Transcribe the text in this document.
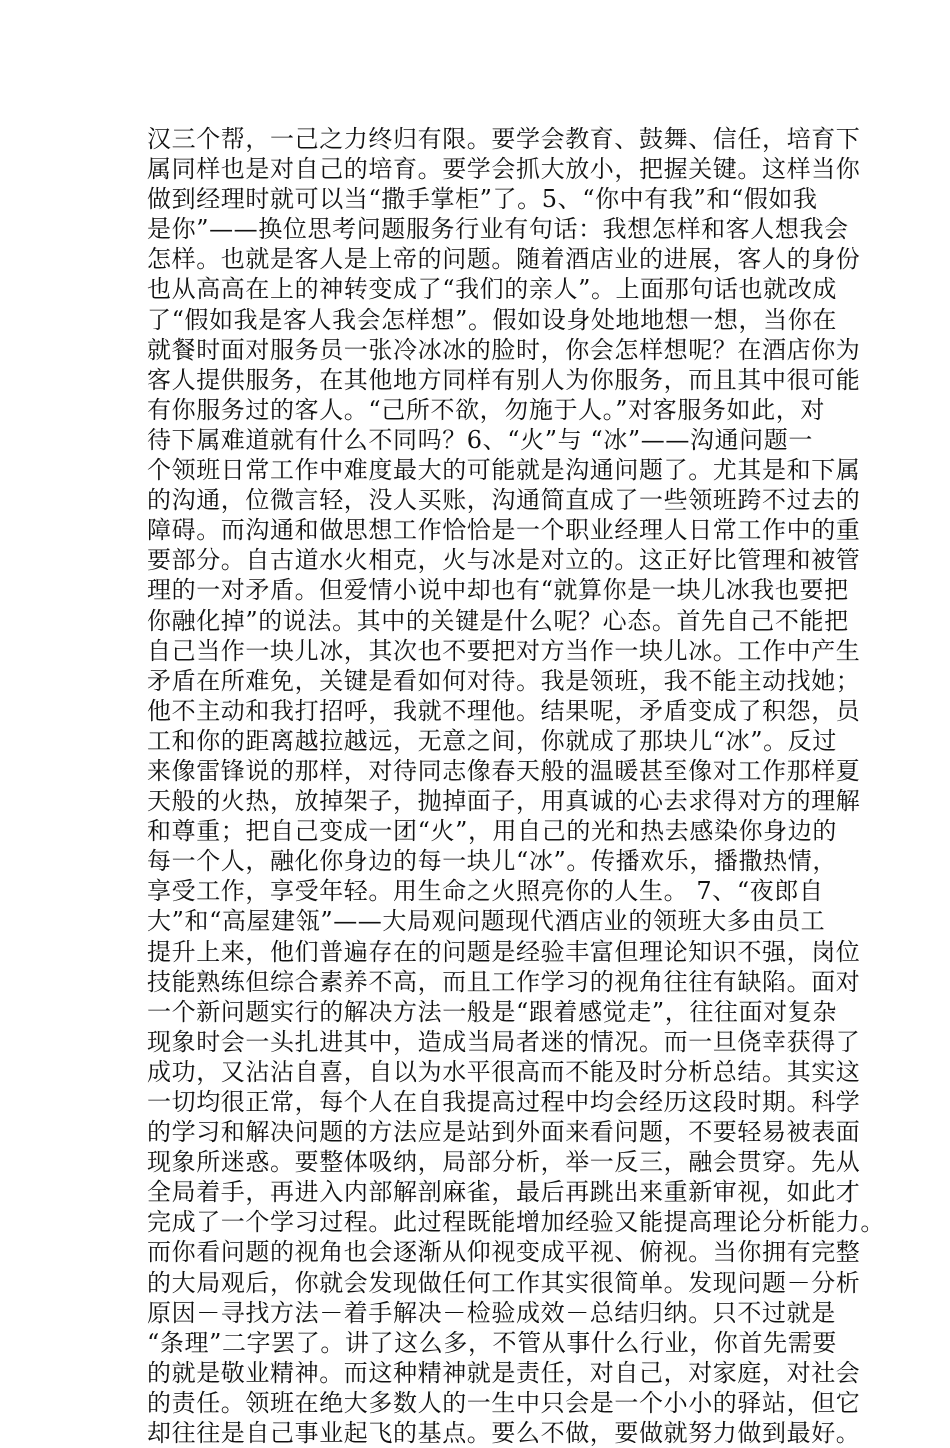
汉三个帮，一己之力终归有限。要学会教育、鼓舞、信任，培育下
属同样也是对自己的培育。要学会抓大放小，把握关键。这样当你
做到经理时就可以当“撒手掌柜”了。5、“你中有我”和“假如我
是你”——换位思考问题服务行业有句话：我想怎样和客人想我会
怎样。也就是客人是上帝的问题。随着酒店业的进展，客人的身份
也从高高在上的神转变成了“我们的亲人”。上面那句话也就改成
了“假如我是客人我会怎样想”。假如设身处地地想一想，当你在
就餐时面对服务员一张冷冰冰的脸时，你会怎样想呢？在酒店你为
客人提供服务，在其他地方同样有别人为你服务，而且其中很可能
有你服务过的客人。“己所不欲，勿施于人。”对客服务如此，对
待下属难道就有什么不同吗？6、“火”与 “冰”——沟通问题一
个领班日常工作中难度最大的可能就是沟通问题了。尤其是和下属
的沟通，位微言轻，没人买账，沟通简直成了一些领班跨不过去的
障碍。而沟通和做思想工作恰恰是一个职业经理人日常工作中的重
要部分。自古道水火相克，火与冰是对立的。这正好比管理和被管
理的一对矛盾。但爱情小说中却也有“就算你是一块儿冰我也要把
你融化掉”的说法。其中的关键是什么呢？心态。首先自己不能把
自己当作一块儿冰，其次也不要把对方当作一块儿冰。工作中产生
矛盾在所难免，关键是看如何对待。我是领班，我不能主动找她；
他不主动和我打招呼，我就不理他。结果呢，矛盾变成了积怨，员
工和你的距离越拉越远，无意之间，你就成了那块儿“冰”。反过
来像雷锋说的那样，对待同志像春天般的温暖甚至像对工作那样夏
天般的火热，放掉架子，抛掉面子，用真诚的心去求得对方的理解
和尊重；把自己变成一团“火”，用自己的光和热去感染你身边的
每一个人，融化你身边的每一块儿“冰”。传播欢乐，播撒热情，
享受工作，享受年轻。用生命之火照亮你的人生。 7、“夜郎自
大”和“高屋建瓴”——大局观问题现代酒店业的领班大多由员工
提升上来，他们普遍存在的问题是经验丰富但理论知识不强，岗位
技能熟练但综合素养不高，而且工作学习的视角往往有缺陷。面对
一个新问题实行的解决方法一般是“跟着感觉走”，往往面对复杂
现象时会一头扎进其中，造成当局者迷的情况。而一旦侥幸获得了
成功，又沾沾自喜，自以为水平很高而不能及时分析总结。其实这
一切均很正常，每个人在自我提高过程中均会经历这段时期。科学
的学习和解决问题的方法应是站到外面来看问题，不要轻易被表面
现象所迷惑。要整体吸纳，局部分析，举一反三，融会贯穿。先从
全局着手，再进入内部解剖麻雀，最后再跳出来重新审视，如此才
完成了一个学习过程。此过程既能增加经验又能提高理论分析能力。
而你看问题的视角也会逐渐从仰视变成平视、俯视。当你拥有完整
的大局观后，你就会发现做任何工作其实很简单。发现问题－分析
原因－寻找方法－着手解决－检验成效－总结归纳。只不过就是
“条理”二字罢了。讲了这么多，不管从事什么行业，你首先需要
的就是敬业精神。而这种精神就是责任，对自己，对家庭，对社会
的责任。领班在绝大多数人的一生中只会是一个小小的驿站，但它
却往往是自己事业起飞的基点。要么不做，要做就努力做到最好。
